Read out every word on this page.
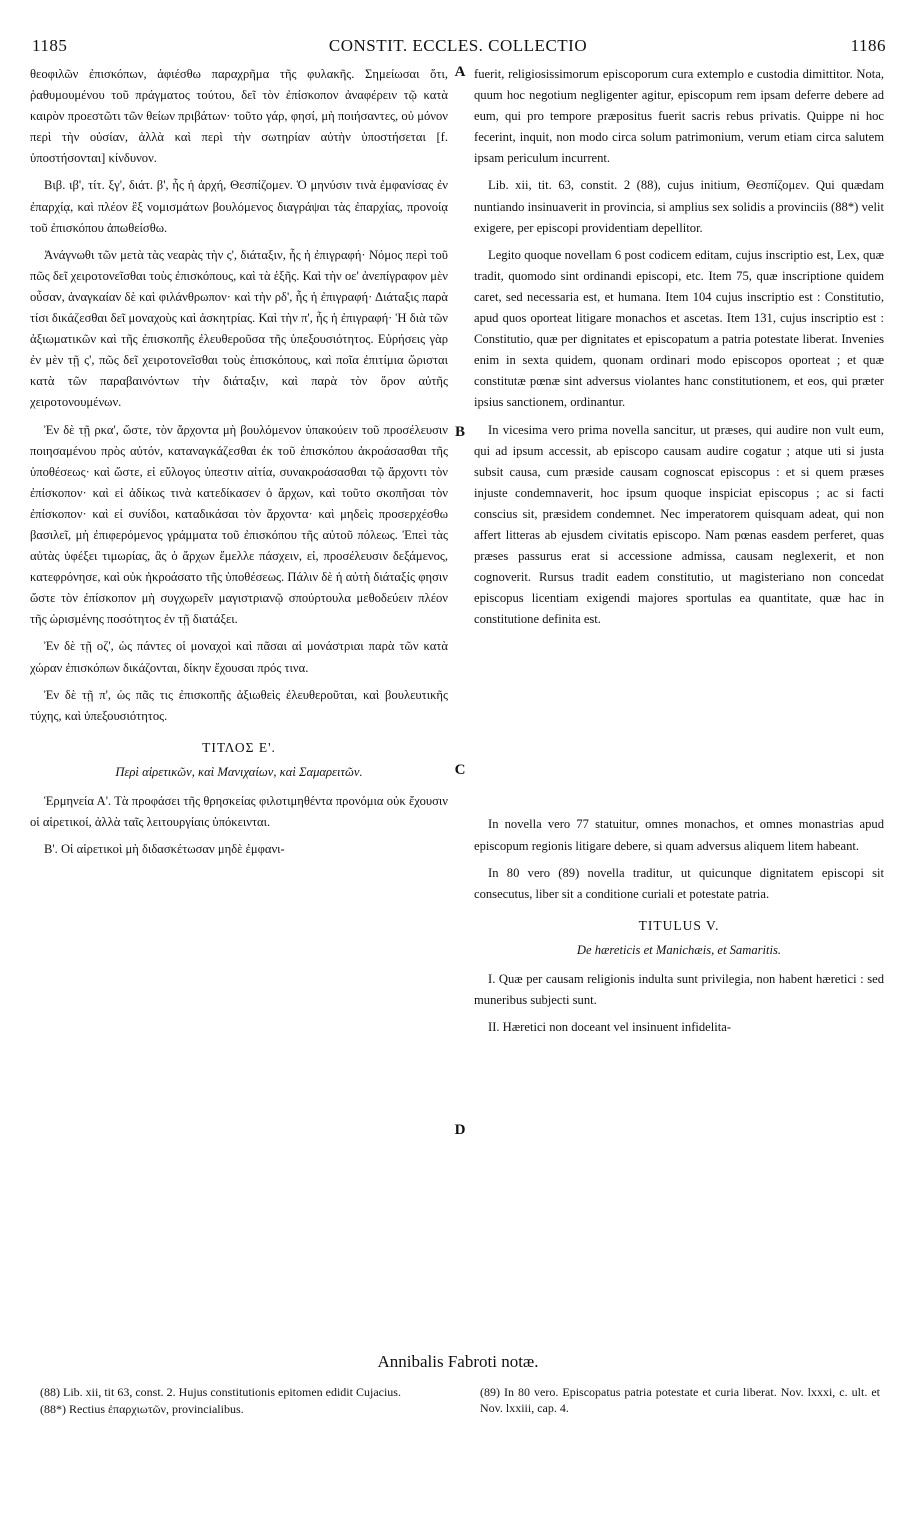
1185	CONSTIT. ECCLES. COLLECTIO	1186
A
B
C
D

θεοφιλῶν ἐπισκόπων, ἀφιέσθω παραχρῆμα τῆς φυλακῆς. Σημείωσαι ὅτι, ῥαθυμουμένου τοῦ πράγματος τούτου, δεῖ τὸν ἐπίσκοπον ἀναφέρειν τῷ κατὰ καιρὸν προεστῶτι τῶν θείων πριβάτων· τοῦτο γάρ, φησί, μὴ ποιήσαντες, οὐ μόνον περὶ τὴν οὐσίαν, ἀλλὰ καὶ περὶ τὴν σωτηρίαν αὐτὴν ὑποστήσεται [f. ὑποστήσονται] κίνδυνον.

Βιβ. ιβ', τίτ. ξγ', διάτ. β', ἧς ἡ ἀρχή, Θεσπίζομεν. Ὁ μηνύσιν τινὰ ἐμφανίσας ἐν ἐπαρχίᾳ, καὶ πλέον ἓξ νομισμάτων βουλόμενος διαγράψαι τὰς ἐπαρχίας, προνοίᾳ τοῦ ἐπισκόπου ἀπωθείσθω.

Ἀνάγνωθι τῶν μετὰ τὰς νεαρὰς τὴν ς', διάταξιν, ἧς ἡ ἐπιγραφή· Νόμος περὶ τοῦ πῶς δεῖ χειροτονεῖσθαι τοὺς ἐπισκόπους, καὶ τὰ ἑξῆς. Καὶ τὴν οε' ἀνεπίγραφον μὲν οὖσαν, ἀναγκαίαν δὲ καὶ φιλάνθρωπον· καὶ τὴν ρδ', ἧς ἡ ἐπιγραφή· Διάταξις παρὰ τίσι δικάζεσθαι δεῖ μοναχοὺς καὶ ἀσκητρίας. Καὶ τὴν π', ἧς ἡ ἐπιγραφή· Ἡ διὰ τῶν ἀξιωματικῶν καὶ τῆς ἐπισκοπῆς ἐλευθεροῦσα τῆς ὑπεξουσιότητος. Εὑρήσεις γὰρ ἐν μὲν τῇ ς', πῶς δεῖ χειροτονεῖσθαι τοὺς ἐπισκόπους, καὶ ποῖα ἐπιτίμια ὥρισται κατὰ τῶν παραβαινόντων τὴν διάταξιν, καὶ παρὰ τὸν ὅρον αὐτῆς χειροτονουμένων.

Ἐν δὲ τῇ ρκα', ὥστε, τὸν ἄρχοντα μὴ βουλόμενον ὑπακούειν τοῦ προσέλευσιν ποιησαμένου πρὸς αὐτόν, καταναγκάζεσθαι ἐκ τοῦ ἐπισκόπου ἀκροάσασθαι τῆς ὑποθέσεως· καὶ ὥστε, εἰ εὔλογος ὑπεστιν αἰτία, συνακροάσασθαι τῷ ἄρχοντι τὸν ἐπίσκοπον· καὶ εἰ ἀδίκως τινὰ κατεδίκασεν ὁ ἄρχων, καὶ τοῦτο σκοπῆσαι τὸν ἐπίσκοπον· καὶ εἰ συνίδοι, καταδικάσαι τὸν ἄρχοντα· καὶ μηδεὶς προσερχέσθω βασιλεῖ, μὴ ἐπιφερόμενος γράμματα τοῦ ἐπισκόπου τῆς αὐτοῦ πόλεως. Ἐπεὶ τὰς αὐτὰς ὑφέξει τιμωρίας, ἃς ὁ ἄρχων ἔμελλε πάσχειν, εἰ, προσέλευσιν δεξάμενος, κατεφρόνησε, καὶ οὐκ ἠκροάσατο τῆς ὑποθέσεως. Πάλιν δὲ ἡ αὐτὴ διάταξίς φησιν ὥστε τὸν ἐπίσκοπον μὴ συγχωρεῖν μαγιστριανῷ σπούρτουλα μεθοδεύειν πλέον τῆς ὡρισμένης ποσότητος ἐν τῇ διατάξει.

Ἐν δὲ τῇ οζ', ὡς πάντες οἱ μοναχοὶ καὶ πᾶσαι αἱ μονάστριαι παρὰ τῶν κατὰ χώραν ἐπισκόπων δικάζονται, δίκην ἔχουσαι πρός τινα.

Ἐν δὲ τῇ π', ὡς πᾶς τις ἐπισκοπῆς ἀξιωθεὶς ἐλευθεροῦται, καὶ βουλευτικῆς τύχης, καὶ ὑπεξουσιότητος.

ΤΙΤΛΟΣ Ε'.

Περὶ αἱρετικῶν, καὶ Μανιχαίων, καὶ Σαμαρειτῶν.

Ἑρμηνεία Α'. Τὰ προφάσει τῆς θρησκείας φιλοτιμηθέντα προνόμια οὐκ ἔχουσιν οἱ αἱρετικοί, ἀλλὰ ταῖς λειτουργίαις ὑπόκεινται.

Β'. Οἱ αἱρετικοὶ μὴ διδασκέτωσαν μηδὲ ἐμφανι-

fuerit, religiosissimorum episcoporum cura extemplo e custodia dimittitor. Nota, quum hoc negotium negligenter agitur, episcopum rem ipsam deferre debere ad eum, qui pro tempore præpositus fuerit sacris rebus privatis. Quippe ni hoc fecerint, inquit, non modo circa solum patrimonium, verum etiam circa salutem ipsam periculum incurrent.

Lib. xii, tit. 63, constit. 2 (88), cujus initium, Θεσπίζομεν. Qui quædam nuntiando insinuaverit in provincia, si amplius sex solidis a provinciis (88*) velit exigere, per episcopi providentiam depellitor.

Legito quoque novellam 6 post codicem editam, cujus inscriptio est, Lex, quæ tradit, quomodo sint ordinandi episcopi, etc. Item 75, quæ inscriptione quidem caret, sed necessaria est, et humana. Item 104 cujus inscriptio est : Constitutio, apud quos oporteat litigare monachos et ascetas. Item 131, cujus inscriptio est : Constitutio, quæ per dignitates et episcopatum a patria potestate liberat. Invenies enim in sexta quidem, quonam ordinari modo episcopos oporteat ; et quæ constitutæ pœnæ sint adversus violantes hanc constitutionem, et eos, qui præter ipsius sanctionem, ordinantur.

In vicesima vero prima novella sancitur, ut præses, qui audire non vult eum, qui ad ipsum accessit, ab episcopo causam audire cogatur ; atque uti si justa subsit causa, cum præside causam cognoscat episcopus : et si quem præses injuste condemnaverit, hoc ipsum quoque inspiciat episcopus ; ac si facti conscius sit, præsidem condemnet. Nec imperatorem quisquam adeat, qui non affert litteras ab ejusdem civitatis episcopo. Nam pœnas easdem perferet, quas præses passurus erat si accessione admissa, causam neglexerit, et non cognoverit. Rursus tradit eadem constitutio, ut magisteriano non concedat episcopus licentiam exigendi majores sportulas ea quantitate, quæ hac in constitutione definita est.

In novella vero 77 statuitur, omnes monachos, et omnes monastrias apud episcopum regionis litigare debere, si quam adversus aliquem litem habeant.

In 80 vero (89) novella traditur, ut quicunque dignitatem episcopi sit consecutus, liber sit a conditione curiali et potestate patria.

TITULUS V.

De hæreticis et Manichæis, et Samaritis.

I. Quæ per causam religionis indulta sunt privilegia, non habent hæretici : sed muneribus subjecti sunt.

II. Hæretici non doceant vel insinuent infidelita-

Annibalis Fabroti notæ.

(88) Lib. xii, tit 63, const. 2. Hujus constitutionis epitomen edidit Cujacius.

(88*) Rectius ἐπαρχιωτῶν, provincialibus.

(89) In 80 vero. Episcopatus patria potestate et curia liberat. Nov. lxxxi, c. ult. et Nov. lxxiii, cap. 4.
